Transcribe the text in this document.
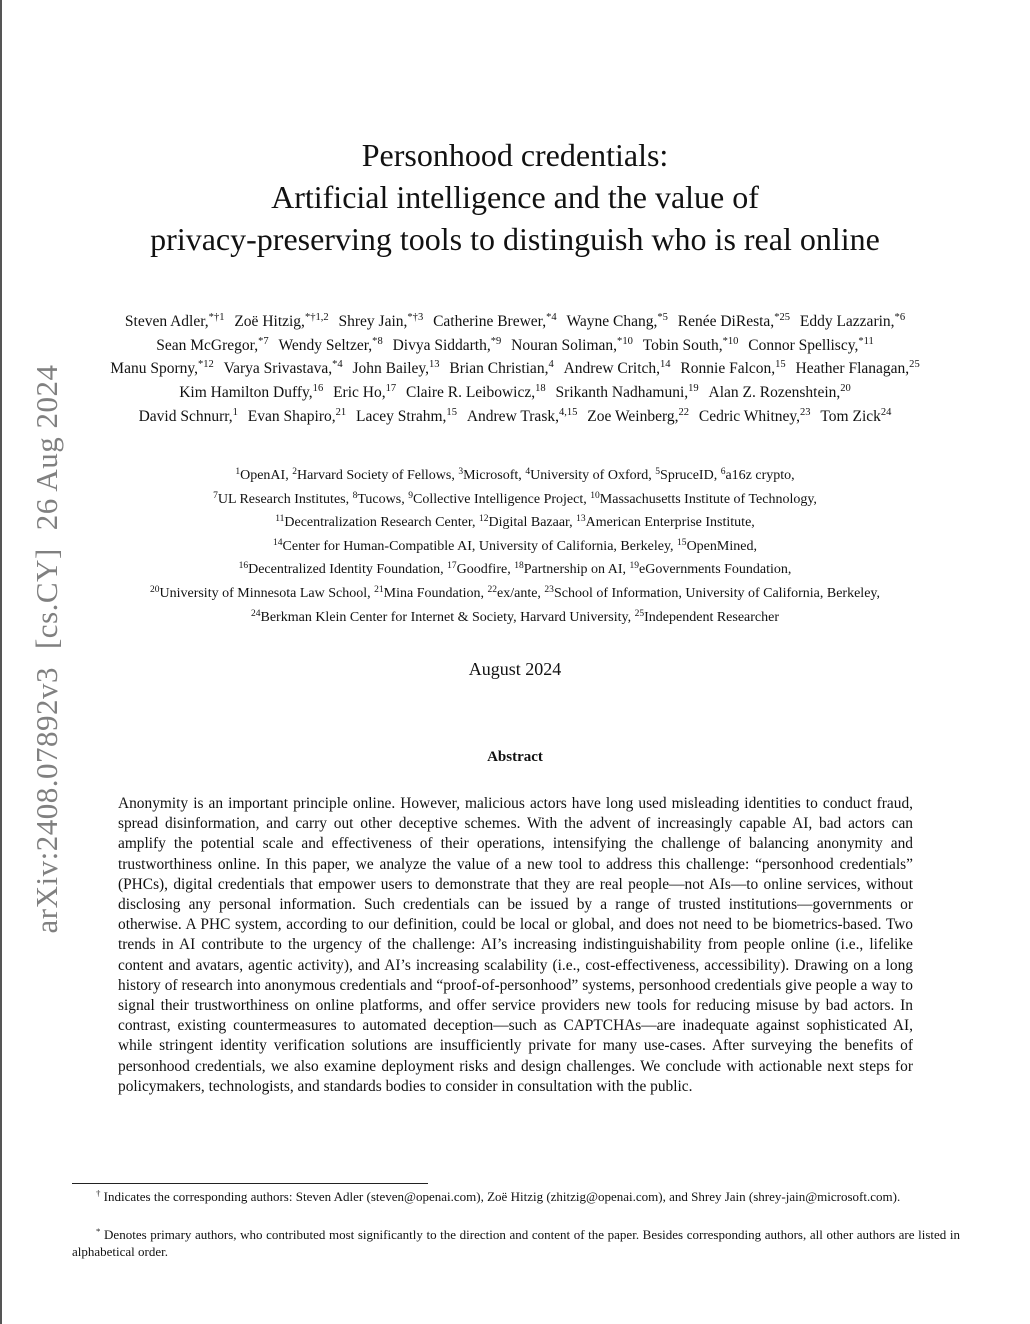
arXiv:2408.07892v3[cs.CY]26 Aug 2024
Personhood credentials:
Artificial intelligence and the value of
privacy-preserving tools to distinguish who is real online
Steven Adler,$^{*\dagger 1}$ Zoë Hitzig,$^{*\dagger 1,2}$ Shrey Jain,$^{*\dagger 3}$ Catherine Brewer,$^{*4}$ Wayne Chang,$^{*5}$ Renée DiResta,$^{*25}$ Eddy Lazzarin,$^{*6}$
Sean McGregor,$^{*7}$ Wendy Seltzer,$^{*8}$ Divya Siddarth,$^{*9}$ Nouran Soliman,$^{*10}$ Tobin South,$^{*10}$ Connor Spelliscy,$^{*11}$
Manu Sporny,$^{*12}$ Varya Srivastava,$^{*4}$ John Bailey,$^{13}$ Brian Christian,$^4$ Andrew Critch,$^{14}$ Ronnie Falcon,$^{15}$ Heather Flanagan,$^{25}$
Kim Hamilton Duffy,$^{16}$ Eric Ho,$^{17}$ Claire R. Leibowicz,$^{18}$ Srikanth Nadhamuni,$^{19}$ Alan Z. Rozenshtein,$^{20}$
David Schnurr,$^1$ Evan Shapiro,$^{21}$ Lacey Strahm,$^{15}$ Andrew Trask,$^{4,15}$ Zoe Weinberg,$^{22}$ Cedric Whitney,$^{23}$ Tom Zick$^{24}$
$^1$OpenAI, $^2$Harvard Society of Fellows, $^3$Microsoft, $^4$University of Oxford, $^5$SpruceID, $^6$a16z crypto,
$^7$UL Research Institutes, $^8$Tucows, $^9$Collective Intelligence Project, $^{10}$Massachusetts Institute of Technology,
$^{11}$Decentralization Research Center, $^{12}$Digital Bazaar, $^{13}$American Enterprise Institute,
$^{14}$Center for Human-Compatible AI, University of California, Berkeley, $^{15}$OpenMined,
$^{16}$Decentralized Identity Foundation, $^{17}$Goodfire, $^{18}$Partnership on AI, $^{19}$eGovernments Foundation,
$^{20}$University of Minnesota Law School, $^{21}$Mina Foundation, $^{22}$ex/ante, $^{23}$School of Information, University of California, Berkeley,
$^{24}$Berkman Klein Center for Internet & Society, Harvard University, $^{25}$Independent Researcher
August 2024
Abstract

Anonymity is an important principle online. However, malicious actors have long used misleading identities to conduct fraud, spread disinformation, and carry out other deceptive schemes. With the advent of increasingly capable AI, bad actors can amplify the potential scale and effectiveness of their operations, intensifying the challenge of balancing anonymity and trustworthiness online. In this paper, we analyze the value of a new tool to address this challenge: “personhood credentials” (PHCs), digital credentials that empower users to demonstrate that they are real people—not AIs—to online services, without disclosing any personal information. Such credentials can be issued by a range of trusted institutions—governments or otherwise. A PHC system, according to our definition, could be local or global, and does not need to be biometrics-based. Two trends in AI contribute to the urgency of the challenge: AI’s increasing indistinguishability from people online (i.e., lifelike content and avatars, agentic activity), and AI’s increasing scalability (i.e., cost-effectiveness, accessibility). Drawing on a long history of research into anonymous credentials and “proof-of-personhood” systems, personhood credentials give people a way to signal their trustworthiness on online platforms, and offer service providers new tools for reducing misuse by bad actors. In contrast, existing countermeasures to automated deception—such as CAPTCHAs—are inadequate against sophisticated AI, while stringent identity verification solutions are insufficiently private for many use-cases. After surveying the benefits of personhood credentials, we also examine deployment risks and design challenges. We conclude with actionable next steps for policymakers, technologists, and standards bodies to consider in consultation with the public.

† Indicates the corresponding authors: Steven Adler (steven@openai.com), Zoë Hitzig (zhitzig@openai.com), and Shrey Jain (shrey-jain@microsoft.com).

* Denotes primary authors, who contributed most significantly to the direction and content of the paper. Besides corresponding authors, all other authors are listed in alphabetical order.
